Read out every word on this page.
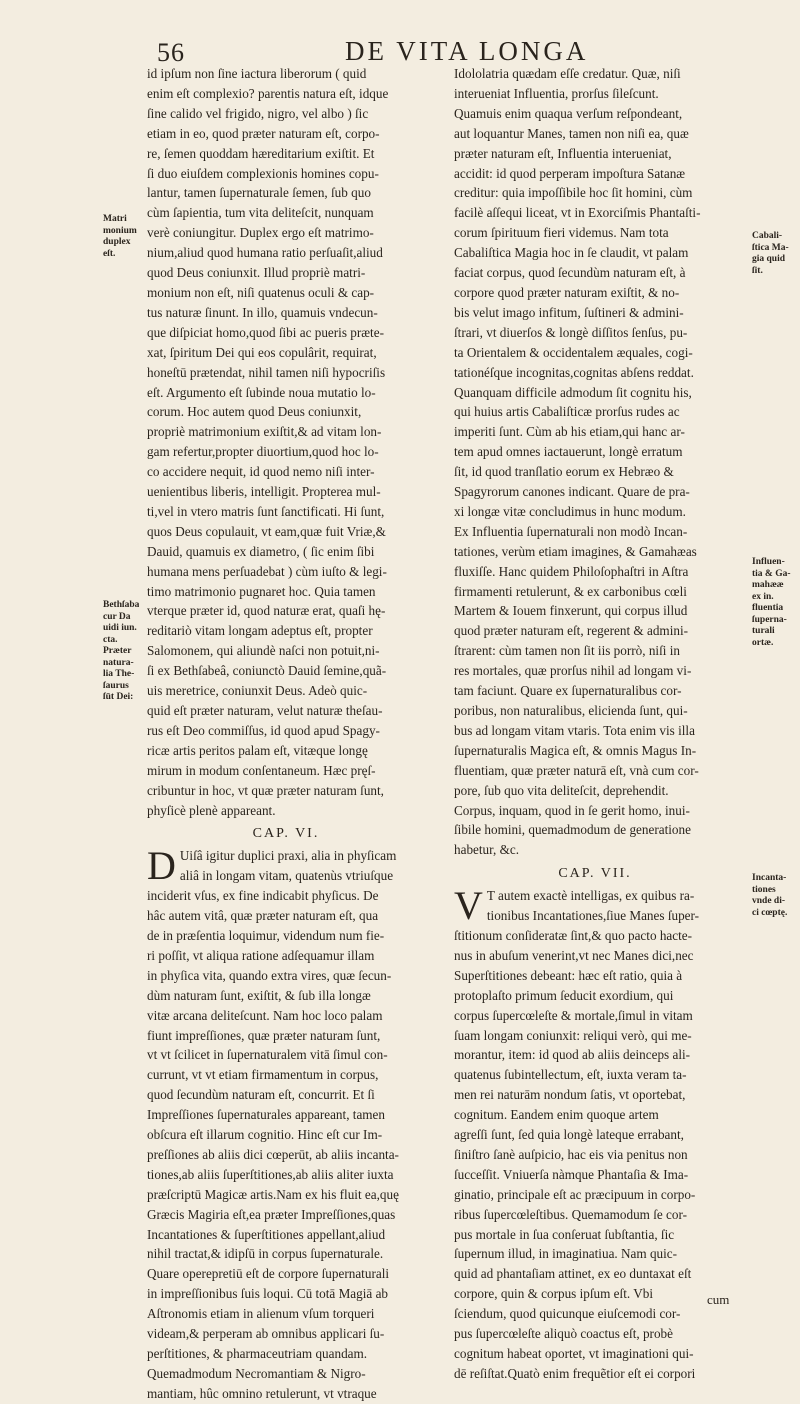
56	DE VITA LONGA
id ipſum non ſine iactura liberorum ( quid
enim eſt complexio? parentis natura eſt, idque
ſine calido vel frigido, nigro, vel albo ) ſic
etiam in eo, quod præter naturam eſt, corpo-
re, ſemen quoddam hæreditarium exiſtit. Et
ſi duo eiuſdem complexionis homines copu-
lantur, tamen ſupernaturale ſemen, ſub quo
cùm ſapientia, tum vita deliteſcit, nunquam
verè coniungitur. Duplex ergo eſt matrimo-
nium,aliud quod humana ratio perſuaſit,aliud
quod Deus coniunxit. Illud propriè matri-
monium non eſt, niſi quatenus oculi & cap-
tus naturæ ſinunt. In illo, quamuis vndecun-
que diſpiciat homo,quod ſibi ac pueris præte-
xat, ſpiritum Dei qui eos copulârit, requirat,
honeſtū prætendat, nihil tamen niſi hypocriſis
eſt. Argumento eſt ſubinde noua mutatio lo-
corum. Hoc autem quod Deus coniunxit,
propriè matrimonium exiſtit,& ad vitam lon-
gam refertur,propter diuortium,quod hoc lo-
co accidere nequit, id quod nemo niſi inter-
uenientibus liberis, intelligit. Propterea mul-
ti,vel in vtero matris ſunt ſanctificati. Hi ſunt,
quos Deus copulauit, vt eam,quæ fuit Vriæ,&
Dauid, quamuis ex diametro, ( ſic enim ſibi
humana mens perſuadebat ) cùm iuſto & legi-
timo matrimonio pugnaret hoc. Quia tamen
vterque præter id, quod naturæ erat, quaſi hę-
reditariò vitam longam adeptus eſt, propter
Salomonem, qui aliundè naſci non potuit,ni-
ſi ex Bethſabeâ, coniunctò Dauid ſemine,quã-
uis meretrice, coniunxit Deus. Adeò quic-
quid eſt præter naturam, velut naturæ theſau-
rus eſt Deo commiſſus, id quod apud Spagy-
ricæ artis peritos palam eſt, vitæque longę
mirum in modum conſentaneum. Hæc pręſ-
cribuntur in hoc, vt quæ præter naturam ſunt,
phyſicè plenè appareant.
CAP. VI.
D Uiſâ igitur duplici praxi, alia in phyſicam
aliâ in longam vitam, quatenùs vtriuſque
inciderit vſus, ex fine indicabit phyſicus. De
hâc autem vitâ, quæ præter naturam eſt, qua
de in præſentia loquimur, videndum num fie-
ri poſſit, vt aliqua ratione adſequamur illam
in phyſica vita, quando extra vires, quæ ſecun-
dùm naturam ſunt, exiſtit, & ſub illa longæ
vitæ arcana deliteſcunt. Nam hoc loco palam
fiunt impreſſiones, quæ præter naturam ſunt,
vt vt ſcilicet in ſupernaturalem vitā ſimul con-
currunt, vt vt etiam firmamentum in corpus,
quod ſecundùm naturam eſt, concurrit. Et ſi
Impreſſiones ſupernaturales appareant, tamen
obſcura eſt illarum cognitio. Hinc eſt cur Im-
preſſiones ab aliis dici cœperūt, ab aliis incanta-
tiones,ab aliis ſuperſtitiones,ab aliis aliter iuxta
præſcriptū Magicæ artis.Nam ex his fluit ea,quę
Græcis Magiria eſt,ea præter Impreſſiones,quas
Incantationes & ſuperſtitiones appellant,aliud
nihil tractat,& idipſū in corpus ſupernaturale.
Quare operepretiū eſt de corpore ſupernaturali
in impreſſionibus ſuis loqui. Cū totā Magiā ab
Aſtronomis etiam in alienum vſum torqueri
videam,& perperam ab omnibus applicari ſu-
perſtitiones, & pharmaceutriam quandam.
Quemadmodum Necromantiam & Nigro-
mantiam, hûc omnino retulerunt, vt vtraque
Idololatria quædam eſſe credatur. Quæ, niſi
interueniat Influentia, prorſus ſileſcunt.
Quamuis enim quaqua verſum reſpondeant,
aut loquantur Manes, tamen non niſi ea, quæ
præter naturam eſt, Influentia interueniat,
accidit: id quod perperam impoſtura Satanæ
creditur: quia impoſſibile hoc ſit homini, cùm
facilè aſſequi liceat, vt in Exorciſmis Phantaſti-
corum ſpirituum fieri videmus. Nam tota
Cabaliſtica Magia hoc in ſe claudit, vt palam
faciat corpus, quod ſecundùm naturam eſt, à
corpore quod præter naturam exiſtit, & no-
bis velut imago infitum, ſuſtineri & admini-
ſtrari, vt diuerſos & longè diſſitos ſenſus, pu-
ta Orientalem & occidentalem æquales, cogi-
tationéſque incognitas,cognitas abſens reddat.
Quanquam difficile admodum ſit cognitu his,
qui huius artis Cabaliſticæ prorſus rudes ac
imperiti ſunt. Cùm ab his etiam,qui hanc ar-
tem apud omnes iactauerunt, longè erratum
ſit, id quod tranſlatio eorum ex Hebræo &
Spagyrorum canones indicant. Quare de pra-
xi longæ vitæ concludimus in hunc modum.
Ex Influentia ſupernaturali non modò Incan-
tationes, verùm etiam imagines, & Gamahæas
fluxiſſe. Hanc quidem Philoſophaſtri in Aſtra
firmamenti retulerunt, & ex carbonibus cœli
Martem & Iouem finxerunt, qui corpus illud
quod præter naturam eſt, regerent & admini-
ſtrarent: cùm tamen non ſit iis porrò, niſi in
res mortales, quæ prorſus nihil ad longam vi-
tam faciunt. Quare ex ſupernaturalibus cor-
poribus, non naturalibus, elicienda ſunt, qui-
bus ad longam vitam vtaris. Tota enim vis illa
ſupernaturalis Magica eſt, & omnis Magus In-
fluentiam, quæ præter naturā eſt, vnà cum cor-
pore, ſub quo vita deliteſcit, deprehendit.
Corpus, inquam, quod in ſe gerit homo, inui-
ſibile homini, quemadmodum de generatione
habetur, &c.
CAP. VII.
V T autem exactè intelligas, ex quibus ra-
tionibus Incantationes,ſiue Manes ſuper-
ſtitionum conſideratæ ſint,& quo pacto hacte-
nus in abuſum venerint,vt nec Manes dici,nec
Superſtitiones debeant: hæc eſt ratio, quia à
protoplaſto primum ſeducit exordium, qui
corpus ſupercœleſte & mortale,ſimul in vitam
ſuam longam coniunxit: reliqui verò, qui me-
morantur, item: id quod ab aliis deinceps ali-
quatenus ſubintellectum, eſt, iuxta veram ta-
men rei naturām nondum ſatis, vt oportebat,
cognitum. Eandem enim quoque artem
agreſſi ſunt, ſed quia longè lateque errabant,
ſiniſtro ſanè auſpicio, hac eis via penitus non
ſucceſſit. Vniuerſa nàmque Phantaſia & Ima-
ginatio, principale eſt ac præcipuum in corpo-
ribus ſupercœleſtibus. Quemamodum ſe cor-
pus mortale in ſua conſeruat ſubſtantia, ſic
ſupernum illud, in imaginatiua. Nam quic-
quid ad phantaſiam attinet, ex eo duntaxat eſt
corpore, quin & corpus ipſum eſt. Vbi
ſciendum, quod quicunque eiuſcemodi cor-
pus ſupercœleſte aliquò coactus eſt, probè
cognitum habeat oportet, vt imaginationi qui-
dē reſiſtat.Quatò enim frequẽtior eſt ei corpori
Matri
monium
duplex
eſt.
Bethſaba
cur Da
uidi iun.
cta.
Præter
natura-
lia The-
ſaurus
ſūt Dei:
Cabali-
ſtica Ma-
gia quid
ſit.
Influen-
tia & Ga-
mahææ
ex in.
fluentia
ſuperna-
turali
ortæ.
Incanta-
tiones
vnde di-
ci cœptę.
cum
